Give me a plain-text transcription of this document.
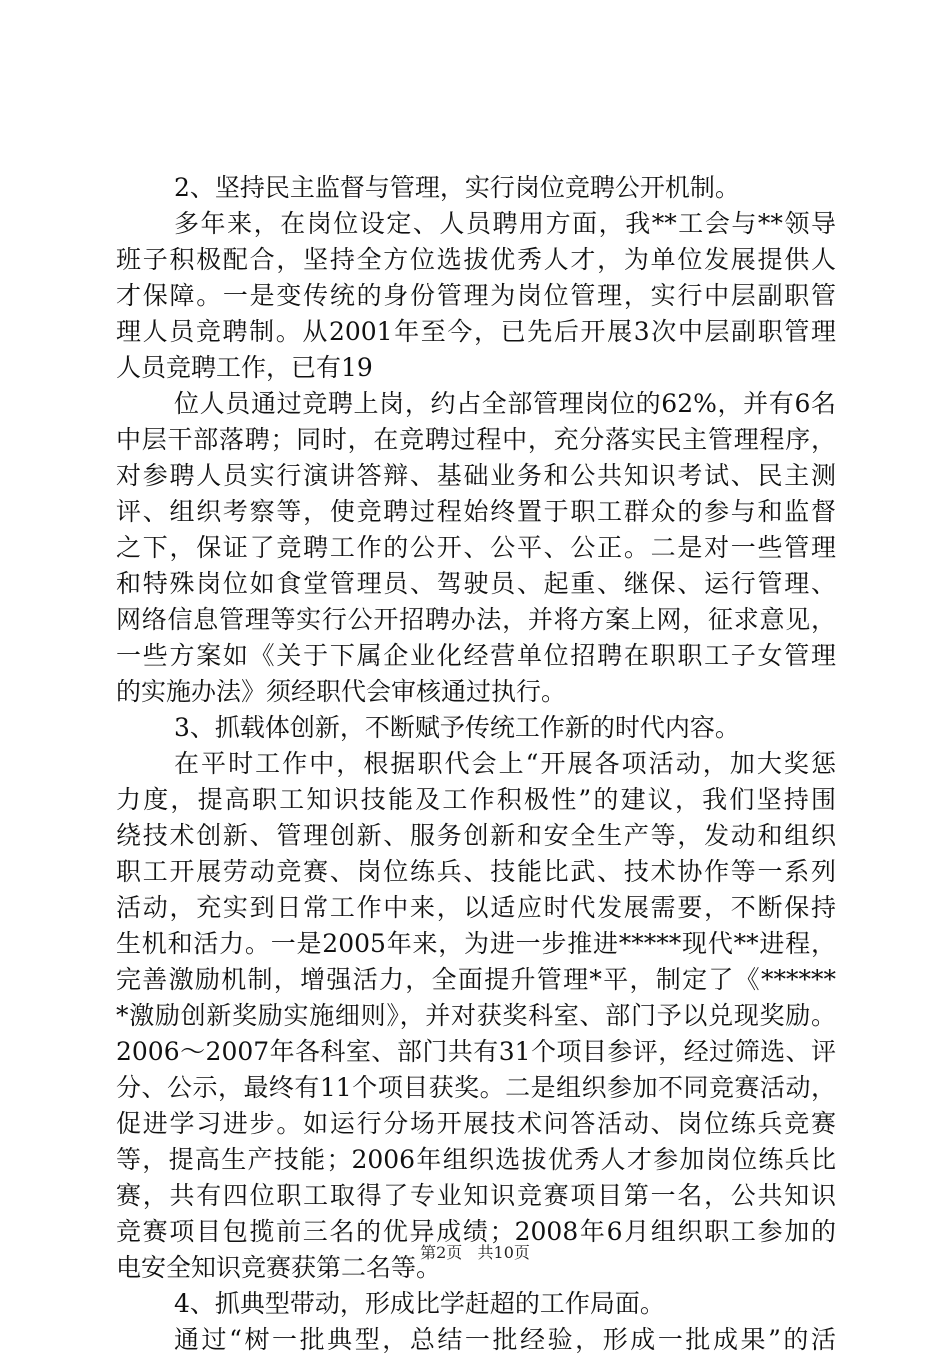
2、坚持民主监督与管理，实行岗位竞聘公开机制。
多年来，在岗位设定、人员聘用方面，我**工会与**领导
班子积极配合，坚持全方位选拔优秀人才，为单位发展提供人
才保障。一是变传统的身份管理为岗位管理，实行中层副职管
理人员竞聘制。从2001年至今，已先后开展3次中层副职管理
人员竞聘工作，已有19
位人员通过竞聘上岗，约占全部管理岗位的62%，并有6名
中层干部落聘；同时，在竞聘过程中，充分落实民主管理程序，
对参聘人员实行演讲答辩、基础业务和公共知识考试、民主测
评、组织考察等，使竞聘过程始终置于职工群众的参与和监督
之下，保证了竞聘工作的公开、公平、公正。二是对一些管理
和特殊岗位如食堂管理员、驾驶员、起重、继保、运行管理、
网络信息管理等实行公开招聘办法，并将方案上网，征求意见，
一些方案如《关于下属企业化经营单位招聘在职职工子女管理
的实施办法》须经职代会审核通过执行。
3、抓载体创新，不断赋予传统工作新的时代内容。
在平时工作中，根据职代会上“开展各项活动，加大奖惩
力度，提高职工知识技能及工作积极性”的建议，我们坚持围
绕技术创新、管理创新、服务创新和安全生产等，发动和组织
职工开展劳动竞赛、岗位练兵、技能比武、技术协作等一系列
活动，充实到日常工作中来，以适应时代发展需要，不断保持
生机和活力。一是2005年来，为进一步推进*****现代**进程，
完善激励机制，增强活力，全面提升管理*平，制定了《******
*激励创新奖励实施细则》，并对获奖科室、部门予以兑现奖励。
2006～2007年各科室、部门共有31个项目参评，经过筛选、评
分、公示，最终有11个项目获奖。二是组织参加不同竞赛活动，
促进学习进步。如运行分场开展技术问答活动、岗位练兵竞赛
等，提高生产技能；2006年组织选拔优秀人才参加岗位练兵比
赛，共有四位职工取得了专业知识竞赛项目第一名，公共知识
竞赛项目包揽前三名的优异成绩；2008年6月组织职工参加的
电安全知识竞赛获第二名等。
4、抓典型带动，形成比学赶超的工作局面。
通过“树一批典型，总结一批经验，形成一批成果”的活
第2页 共10页
